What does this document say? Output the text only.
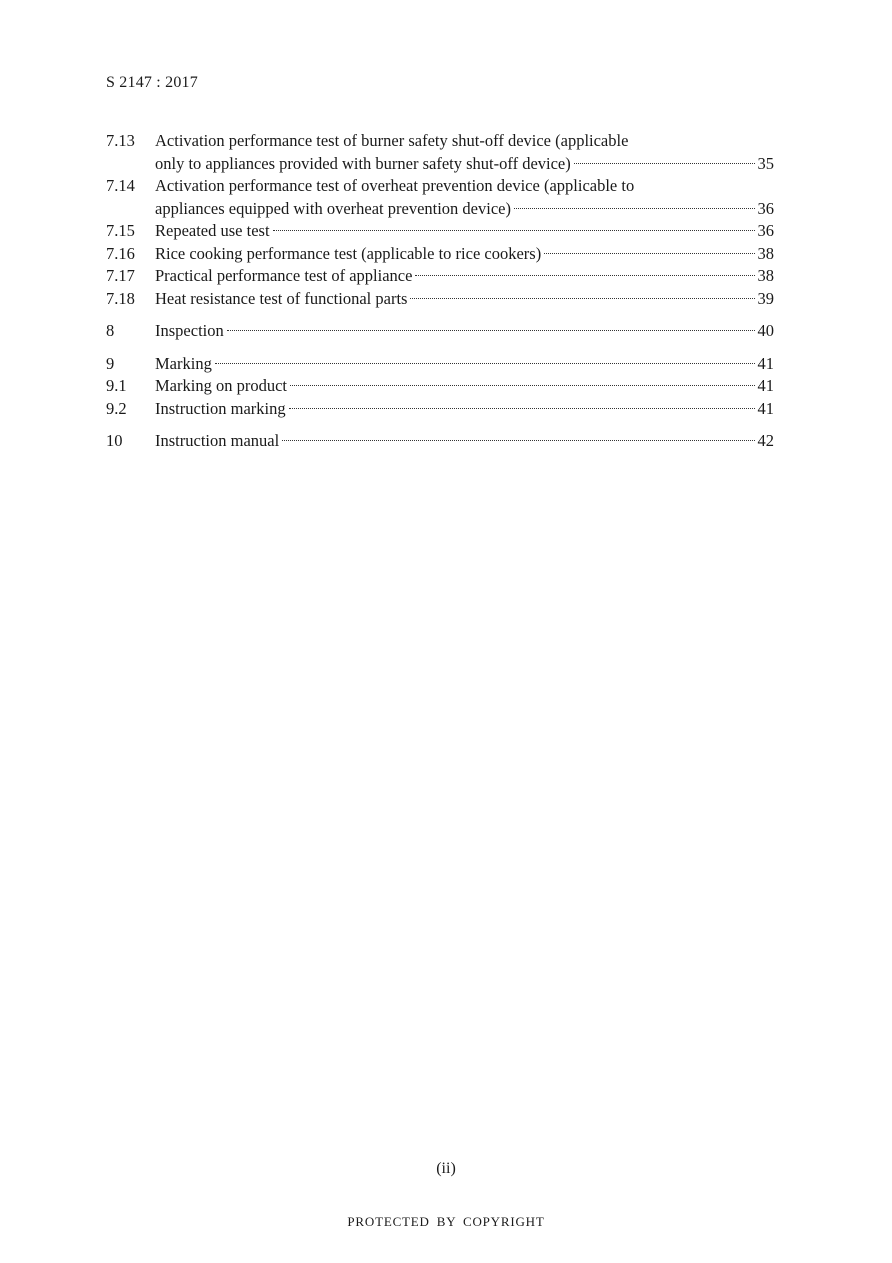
S 2147 : 2017
7.13	Activation performance test of burner safety shut-off device (applicable
only to appliances provided with burner safety shut-off device)	35
7.14	Activation performance test of overheat prevention device (applicable to
appliances equipped with overheat prevention device)	36
7.15	Repeated use test	36
7.16	Rice cooking performance test (applicable to rice cookers)	38
7.17	Practical performance test of appliance	38
7.18	Heat resistance test of functional parts	39
8	Inspection	40
9	Marking	41
9.1	Marking on product	41
9.2	Instruction marking	41
10	Instruction manual	42
(ii)
PROTECTED BY COPYRIGHT
